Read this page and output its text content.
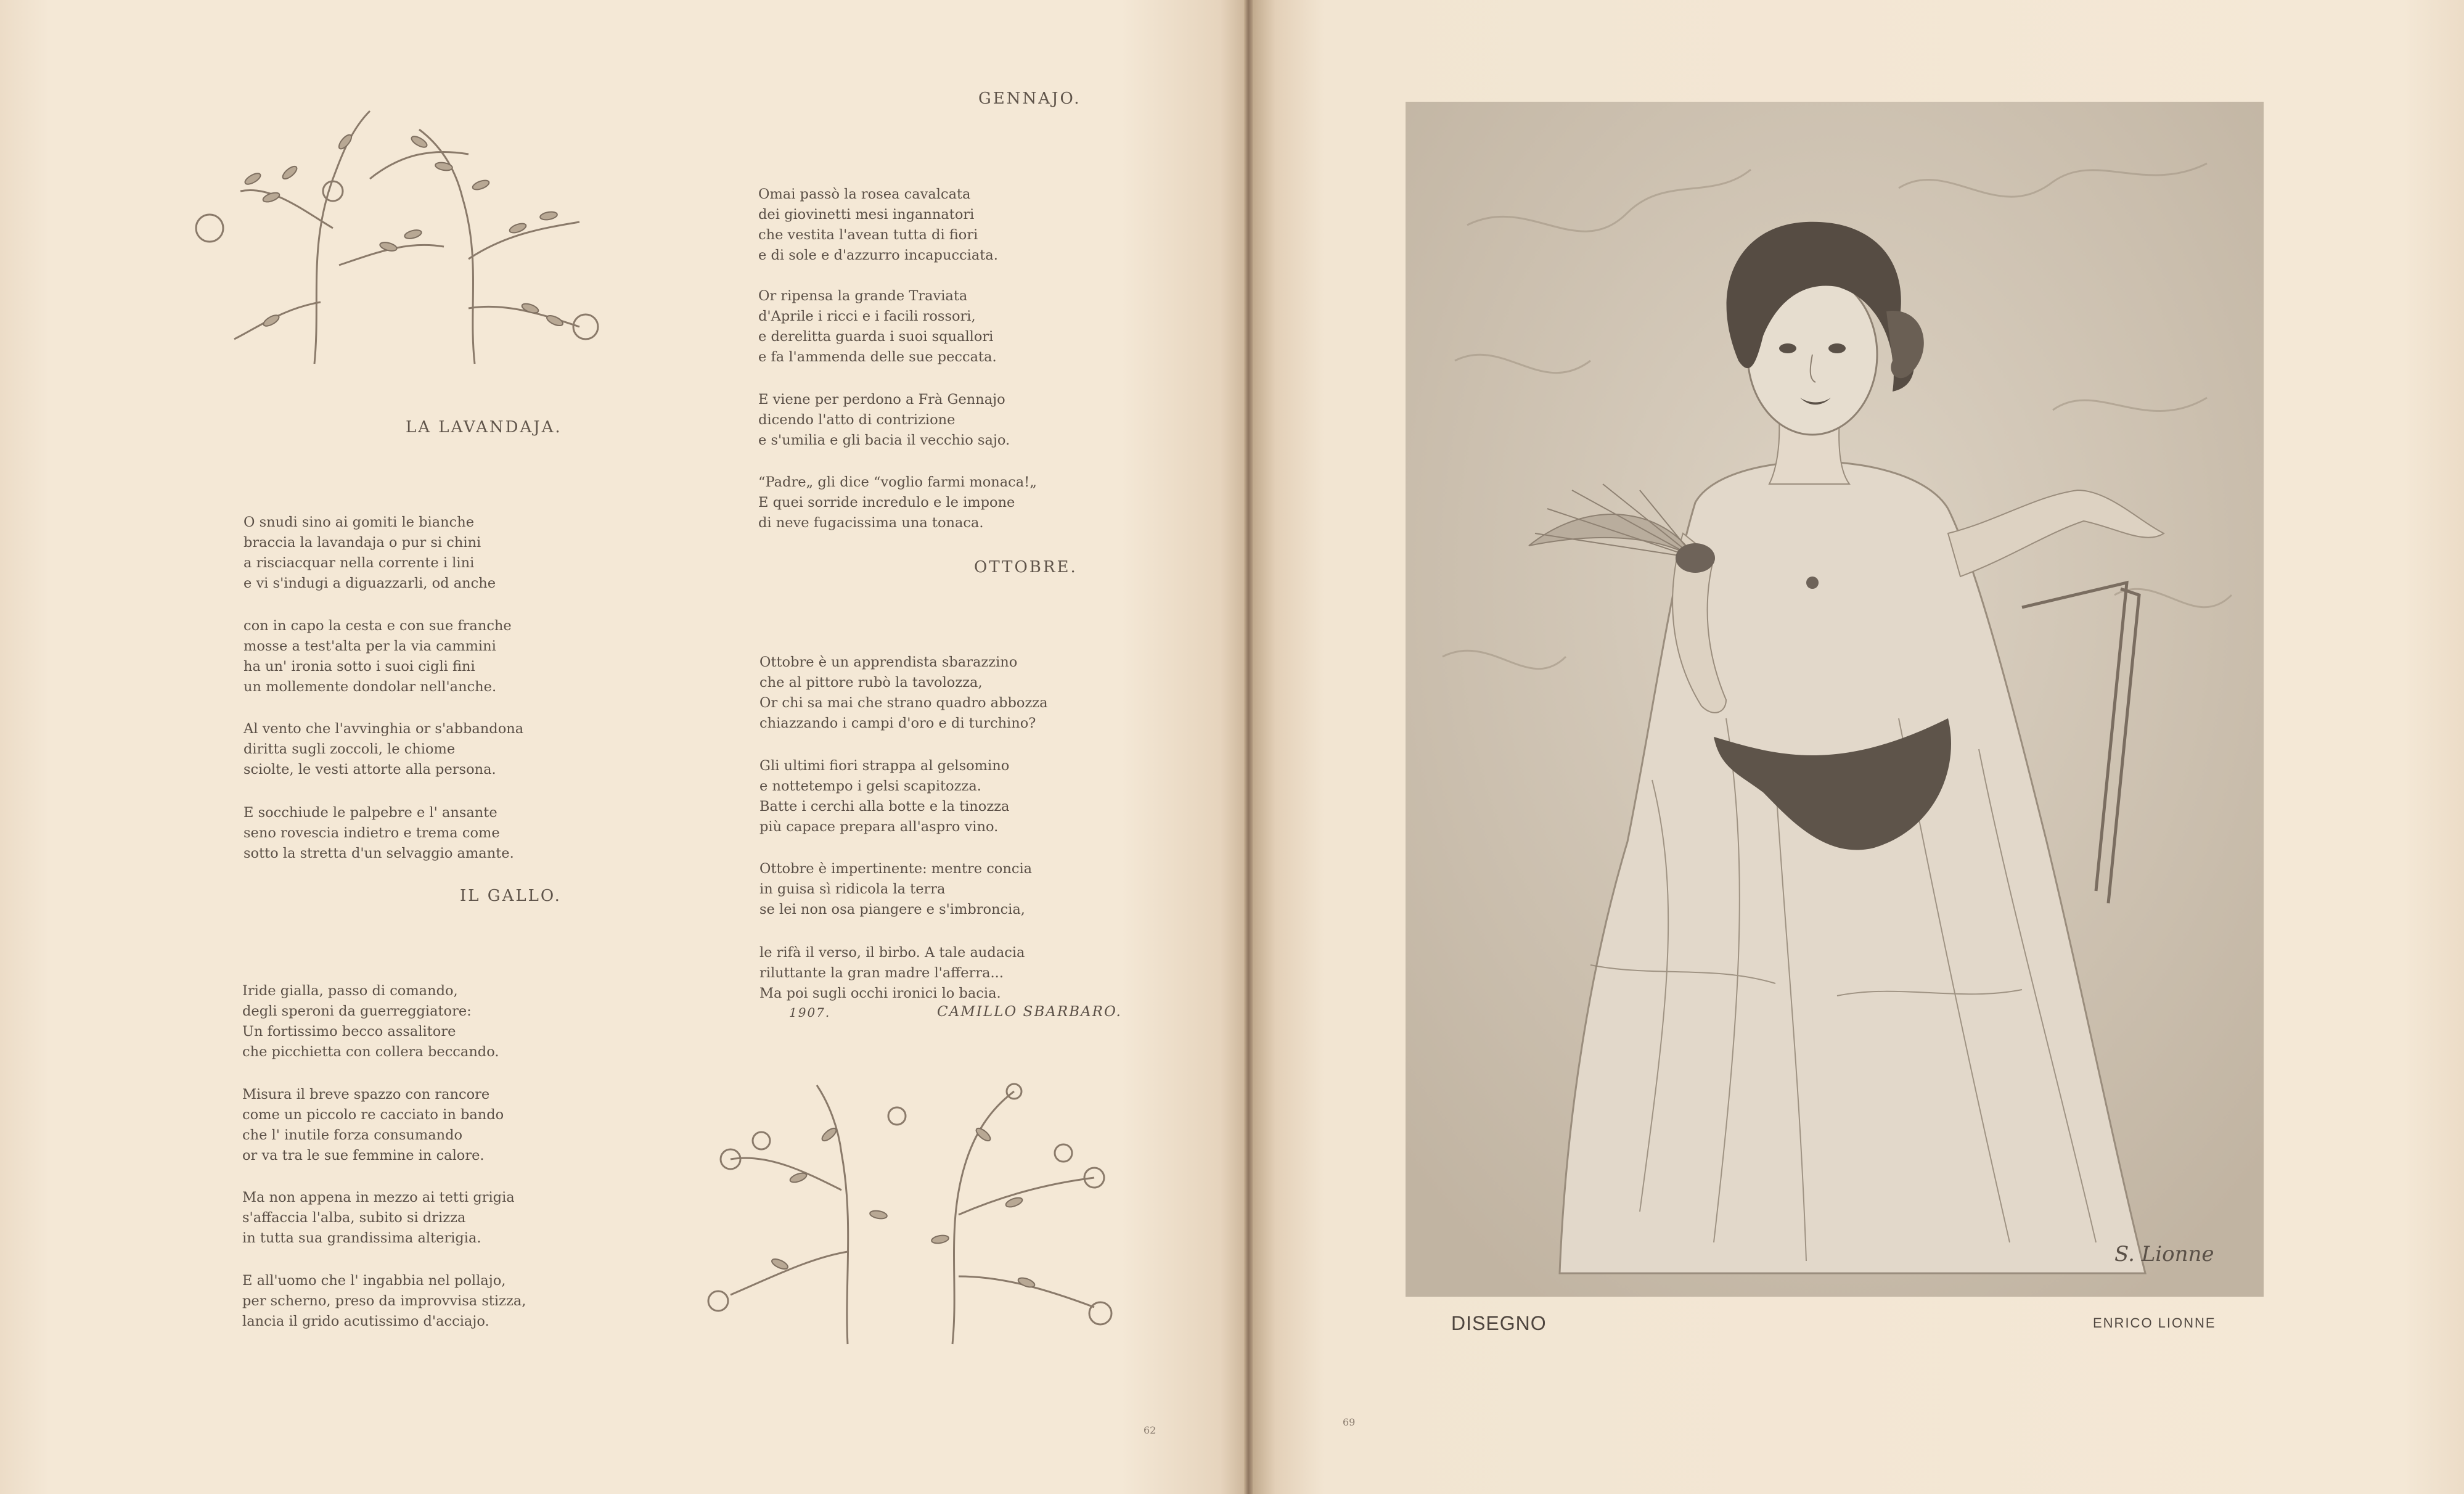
LA LAVANDAJA.

O snudi sino ai gomiti le bianche
braccia la lavandaja o pur si chini
a risciacquar nella corrente i lini
e vi s'indugi a diguazzarli, od anche

con in capo la cesta e con sue franche
mosse a test'alta per la via cammini
ha un' ironia sotto i suoi cigli fini
un mollemente dondolar nell'anche.

Al vento che l'avvinghia or s'abbandona
diritta sugli zoccoli, le chiome
sciolte, le vesti attorte alla persona.

E socchiude le palpebre e l' ansante
seno rovescia indietro e trema come
sotto la stretta d'un selvaggio amante.

IL GALLO.

Iride gialla, passo di comando,
degli speroni da guerreggiatore:
Un fortissimo becco assalitore
che picchietta con collera beccando.

Misura il breve spazzo con rancore
come un piccolo re cacciato in bando
che l' inutile forza consumando
or va tra le sue femmine in calore.

Ma non appena in mezzo ai tetti grigia
s'affaccia l'alba, subito si drizza
in tutta sua grandissima alterigia.

E all'uomo che l' ingabbia nel pollajo,
per scherno, preso da improvvisa stizza,
lancia il grido acutissimo d'acciajo.

GENNAJO.

Omai passò la rosea cavalcata
dei giovinetti mesi ingannatori
che vestita l'avean tutta di fiori
e di sole e d'azzurro incapucciata.

Or ripensa la grande Traviata
d'Aprile i ricci e i facili rossori,
e derelitta guarda i suoi squallori
e fa l'ammenda delle sue peccata.

E viene per perdono a Frà Gennajo
dicendo l'atto di contrizione
e s'umilia e gli bacia il vecchio sajo.

“Padre„ gli dice “voglio farmi monaca!„
E quei sorride incredulo e le impone
di neve fugacissima una tonaca.

OTTOBRE.

Ottobre è un apprendista sbarazzino
che al pittore rubò la tavolozza,
Or chi sa mai che strano quadro abbozza
chiazzando i campi d'oro e di turchino?

Gli ultimi fiori strappa al gelsomino
e nottetempo i gelsi scapitozza.
Batte i cerchi alla botte e la tinozza
più capace prepara all'aspro vino.

Ottobre è impertinente: mentre concia
in guisa sì ridicola la terra
se lei non osa piangere e s'imbroncia,

le rifà il verso, il birbo. A tale audacia
riluttante la gran madre l'afferra...
Ma poi sugli occhi ironici lo bacia.

1907.	CAMILLO SBARBARO.
62
S. Lionne
DISEGNO	ENRICO LIONNE
69
